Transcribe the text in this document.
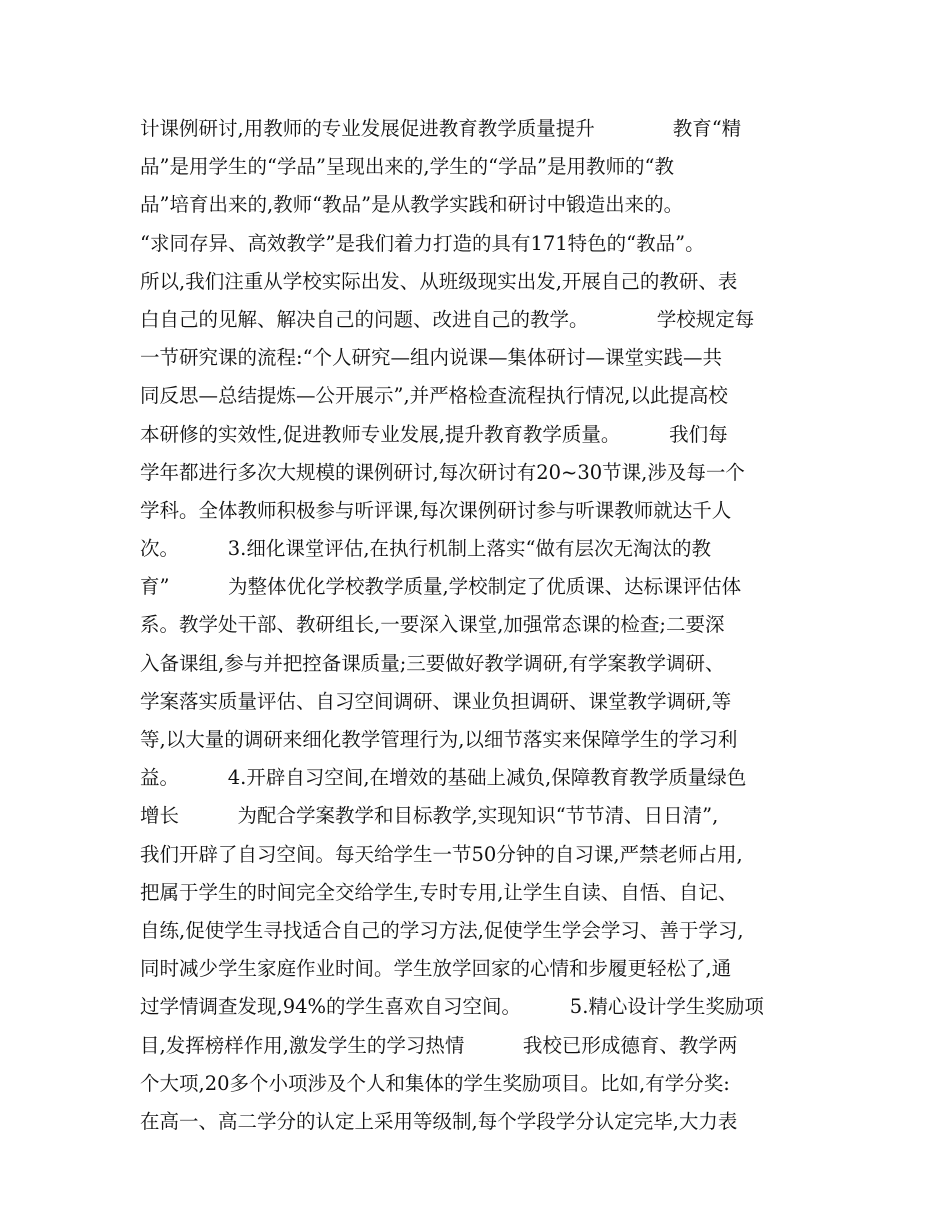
计课例研讨,用教师的专业发展促进教育教学质量提升　　　　教育“精
品”是用学生的“学品”呈现出来的,学生的“学品”是用教师的“教
品”培育出来的,教师“教品”是从教学实践和研讨中锻造出来的。
“求同存异、高效教学”是我们着力打造的具有171特色的“教品”。
所以,我们注重从学校实际出发、从班级现实出发,开展自己的教研、表
白自己的见解、解决自己的问题、改进自己的教学。　　　　学校规定每
一节研究课的流程:“个人研究—组内说课—集体研讨—课堂实践—共
同反思—总结提炼—公开展示”,并严格检查流程执行情况,以此提高校
本研修的实效性,促进教师专业发展,提升教育教学质量。　　　我们每
学年都进行多次大规模的课例研讨,每次研讨有20~30节课,涉及每一个
学科。全体教师积极参与听评课,每次课例研讨参与听课教师就达千人
次。　　　3.细化课堂评估,在执行机制上落实“做有层次无淘汰的教
育”　　　为整体优化学校教学质量,学校制定了优质课、达标课评估体
系。教学处干部、教研组长,一要深入课堂,加强常态课的检查;二要深
入备课组,参与并把控备课质量;三要做好教学调研,有学案教学调研、
学案落实质量评估、自习空间调研、课业负担调研、课堂教学调研,等
等,以大量的调研来细化教学管理行为,以细节落实来保障学生的学习利
益。　　　4.开辟自习空间,在增效的基础上减负,保障教育教学质量绿色
增长　　　为配合学案教学和目标教学,实现知识“节节清、日日清”,
我们开辟了自习空间。每天给学生一节50分钟的自习课,严禁老师占用,
把属于学生的时间完全交给学生,专时专用,让学生自读、自悟、自记、
自练,促使学生寻找适合自己的学习方法,促使学生学会学习、善于学习,
同时减少学生家庭作业时间。学生放学回家的心情和步履更轻松了,通
过学情调查发现,94%的学生喜欢自习空间。　　　5.精心设计学生奖励项
目,发挥榜样作用,激发学生的学习热情　　　我校已形成德育、教学两
个大项,20多个小项涉及个人和集体的学生奖励项目。比如,有学分奖:
在高一、高二学分的认定上采用等级制,每个学段学分认定完毕,大力表
